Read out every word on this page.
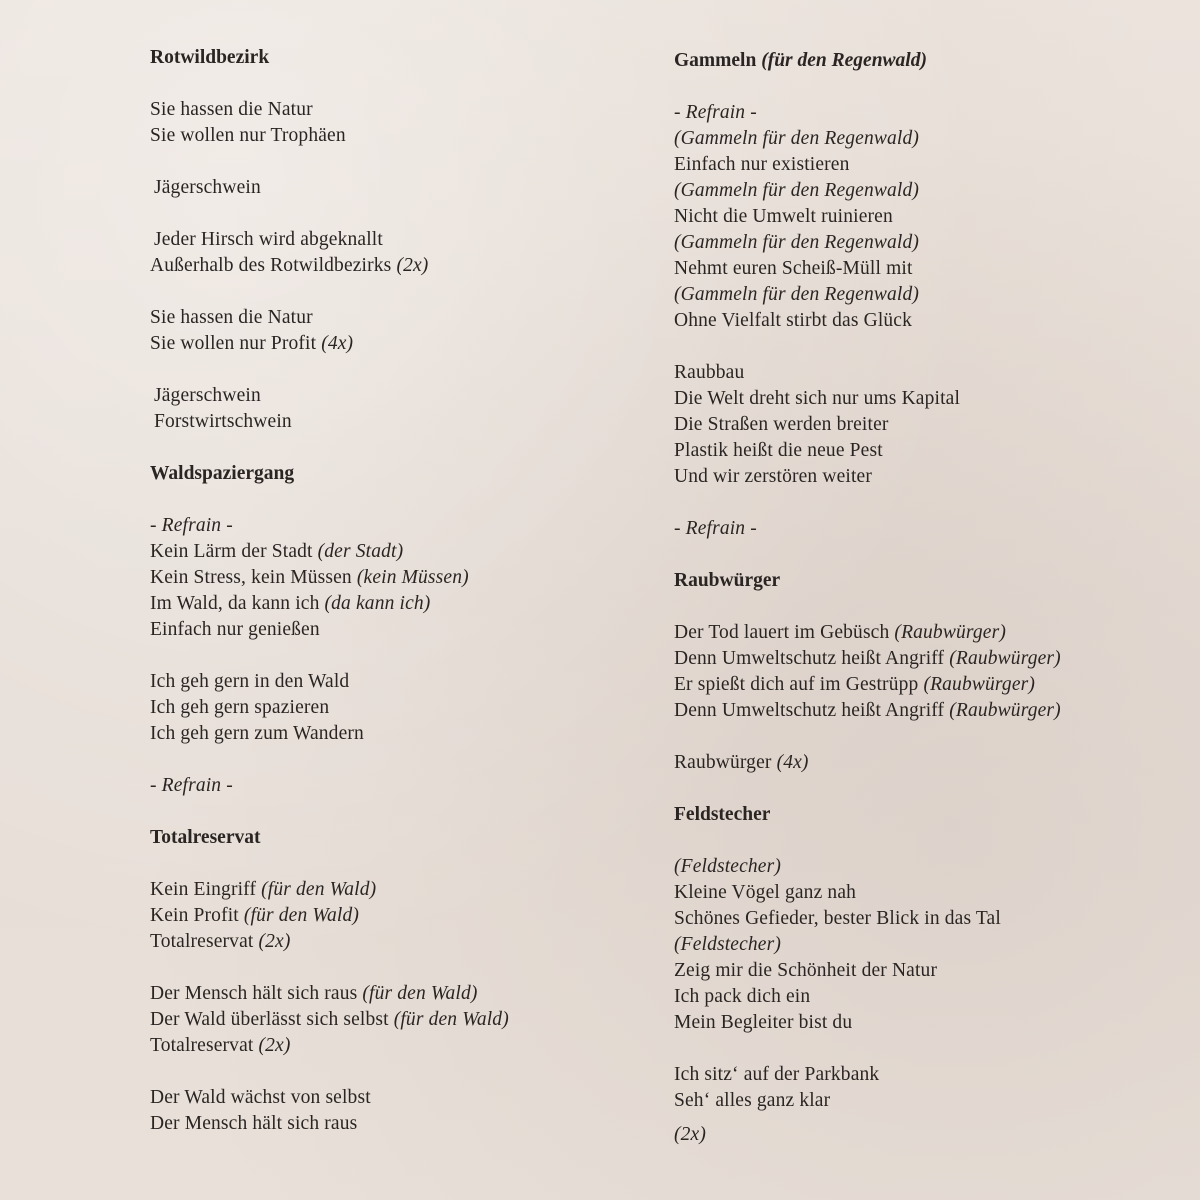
Rotwildbezirk
Sie hassen die Natur
Sie wollen nur Trophäen
Jägerschwein
Jeder Hirsch wird abgeknallt
Außerhalb des Rotwildbezirks (2x)
Sie hassen die Natur
Sie wollen nur Profit (4x)
Jägerschwein
Forstwirtschwein
Waldspaziergang
- Refrain -
Kein Lärm der Stadt (der Stadt)
Kein Stress, kein Müssen (kein Müssen)
Im Wald, da kann ich (da kann ich)
Einfach nur genießen
Ich geh gern in den Wald
Ich geh gern spazieren
Ich geh gern zum Wandern
- Refrain -
Totalreservat
Kein Eingriff (für den Wald)
Kein Profit (für den Wald)
Totalreservat (2x)
Der Mensch hält sich raus (für den Wald)
Der Wald überlässt sich selbst (für den Wald)
Totalreservat (2x)
Der Wald wächst von selbst
Der Mensch hält sich raus
Gammeln (für den Regenwald)
- Refrain -
(Gammeln für den Regenwald)
Einfach nur existieren
(Gammeln für den Regenwald)
Nicht die Umwelt ruinieren
(Gammeln für den Regenwald)
Nehmt euren Scheiß-Müll mit
(Gammeln für den Regenwald)
Ohne Vielfalt stirbt das Glück
Raubbau
Die Welt dreht sich nur ums Kapital
Die Straßen werden breiter
Plastik heißt die neue Pest
Und wir zerstören weiter
- Refrain -
Raubwürger
Der Tod lauert im Gebüsch (Raubwürger)
Denn Umweltschutz heißt Angriff (Raubwürger)
Er spießt dich auf im Gestrüpp (Raubwürger)
Denn Umweltschutz heißt Angriff (Raubwürger)
Raubwürger (4x)
Feldstecher
(Feldstecher)
Kleine Vögel ganz nah
Schönes Gefieder, bester Blick in das Tal
(Feldstecher)
Zeig mir die Schönheit der Natur
Ich pack dich ein
Mein Begleiter bist du
Ich sitz‘ auf der Parkbank
Seh‘ alles ganz klar
(2x)
